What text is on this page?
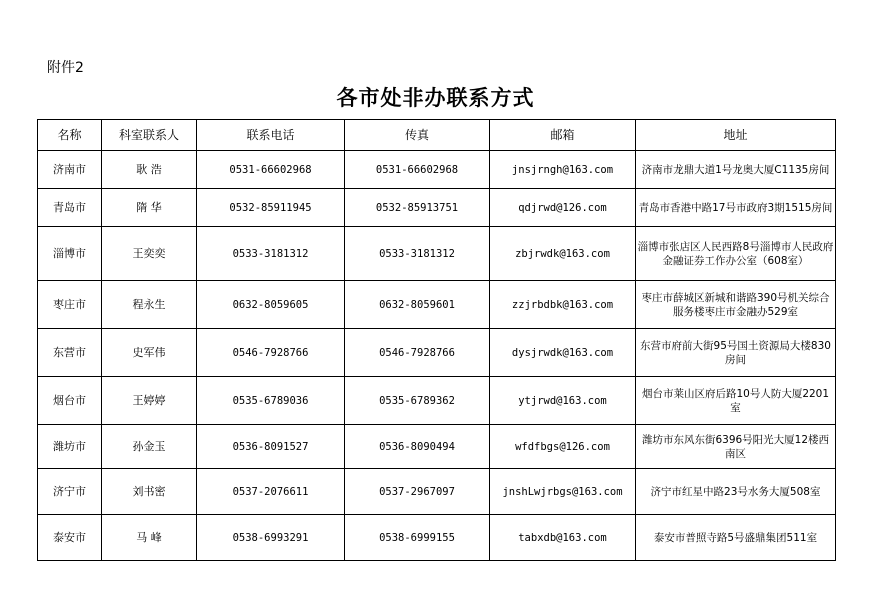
附件2
各市处非办联系方式
名称	科室联系人	联系电话	传真	邮箱	地址
济南市	耿 浩	0531-66602968	0531-66602968	jnsjrngh@163.com	济南市龙鼎大道1号龙奥大厦C1135房间
青岛市	隋 华	0532-85911945	0532-85913751	qdjrwd@126.com	青岛市香港中路17号市政府3期1515房间
淄博市	王奕奕	0533-3181312	0533-3181312	zbjrwdk@163.com	淄博市张店区人民西路8号淄博市人民政府金融证券工作办公室（608室）
枣庄市	程永生	0632-8059605	0632-8059601	zzjrbdbk@163.com	枣庄市薛城区新城和谐路390号机关综合服务楼枣庄市金融办529室
东营市	史军伟	0546-7928766	0546-7928766	dysjrwdk@163.com	东营市府前大街95号国土资源局大楼830房间
烟台市	王婷婷	0535-6789036	0535-6789362	ytjrwd@163.com	烟台市莱山区府后路10号人防大厦2201室
潍坊市	孙金玉	0536-8091527	0536-8090494	wfdfbgs@126.com	潍坊市东风东街6396号阳光大厦12楼西南区
济宁市	刘书密	0537-2076611	0537-2967097	jnshLwjrbgs@163.com	济宁市红星中路23号水务大厦508室
泰安市	马 峰	0538-6993291	0538-6999155	tabxdb@163.com	泰安市普照寺路5号盛鼎集团511室
